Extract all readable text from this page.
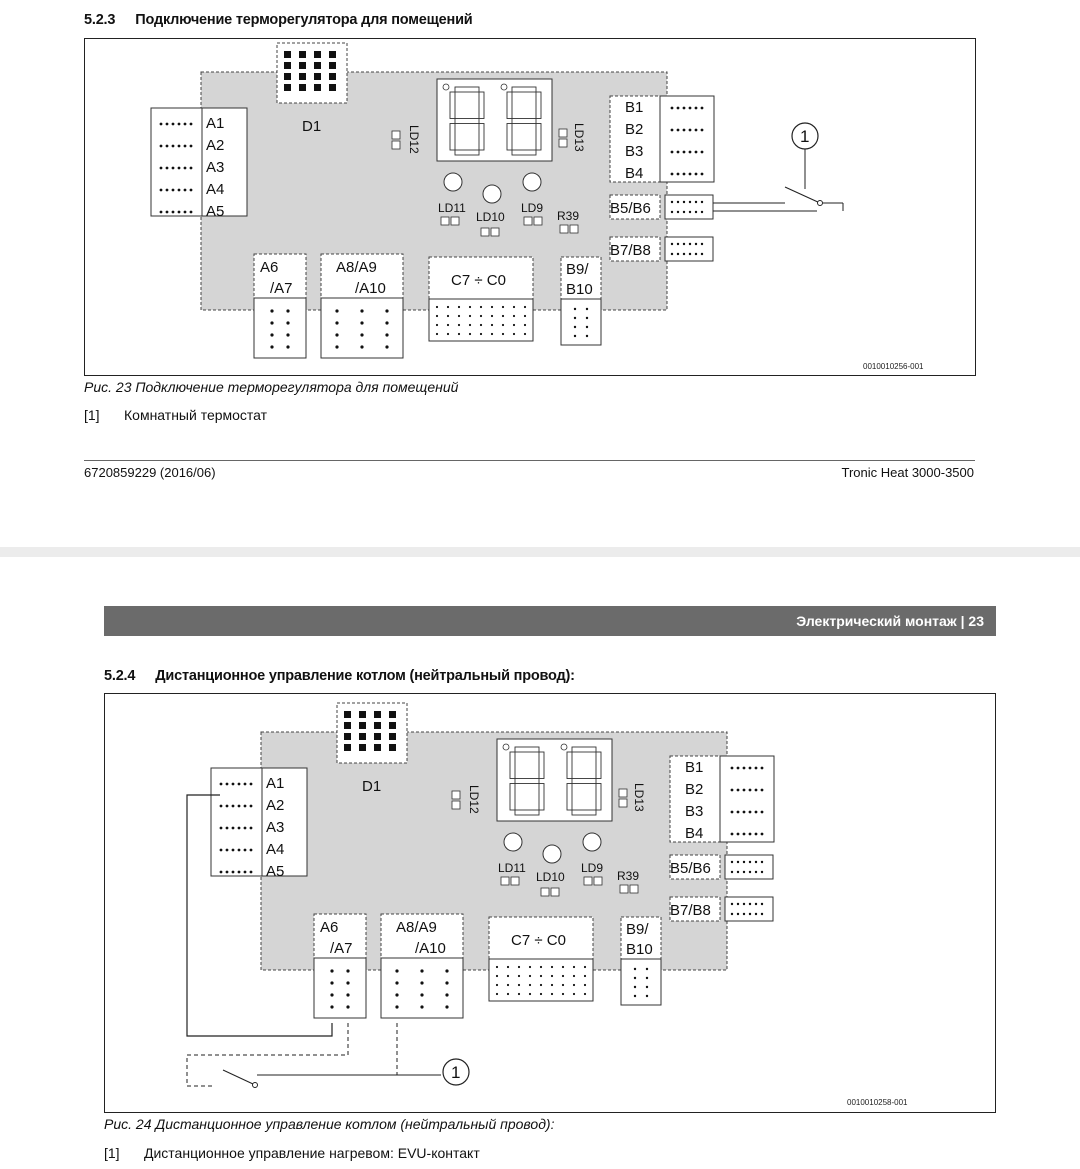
5.2.3 Подключение терморегулятора для помещений
D1	LD12	LD13
LD11
LD10
LD9
R39
A1
A2
A3
A4
A5
B1
B2
B3
B4
B5/B6
B7/B8
A6
/A7
A8/A9
/A10	C7 ÷ C0
B9/
B10
1
0010010256-001
Рис. 23 Подключение терморегулятора для помещений
[1] Комнатный термостат
6720859229 (2016/06)	Tronic Heat 3000-3500
Электрический монтаж | 23
5.2.4 Дистанционное управление котлом (нейтральный провод):
D1	LD12	LD13
LD11
LD10
LD9
R39
A1
A2
A3
A4
A5
B1
B2
B3
B4
B5/B6
B7/B8
A6
/A7
A8/A9
/A10	C7 ÷ C0
B9/
B10
1
0010010258-001
Рис. 24 Дистанционное управление котлом (нейтральный провод):
[1] Дистанционное управление нагревом: EVU-контакт
